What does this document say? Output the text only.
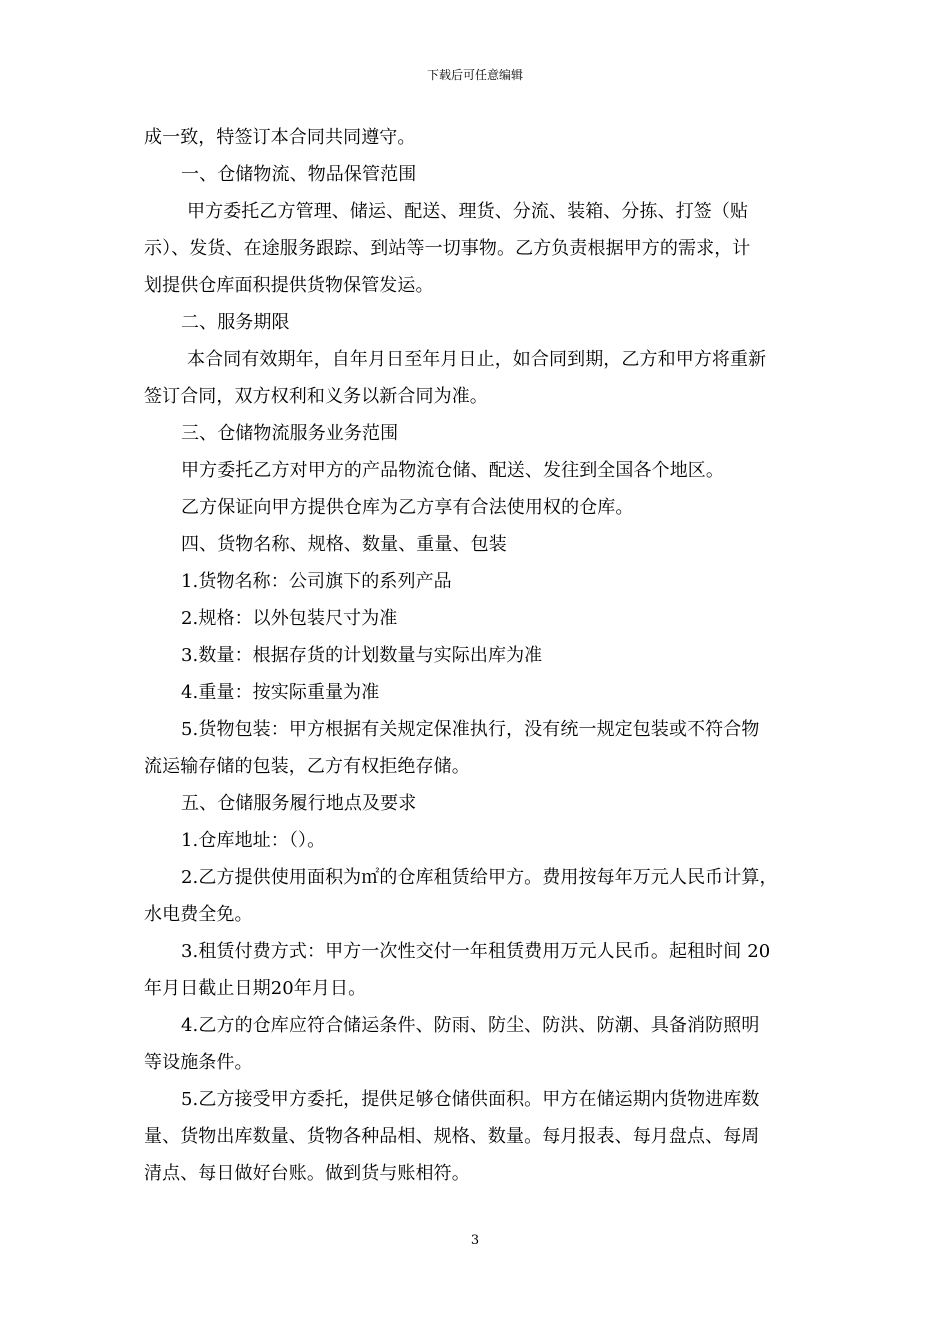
下载后可任意编辑

成一致，特签订本合同共同遵守。

一、仓储物流、物品保管范围

甲方委托乙方管理、储运、配送、理货、分流、装箱、分拣、打签（贴

示）、发货、在途服务跟踪、到站等一切事物。乙方负责根据甲方的需求，计

划提供仓库面积提供货物保管发运。

二、服务期限

本合同有效期年，自年月日至年月日止，如合同到期，乙方和甲方将重新

签订合同，双方权利和义务以新合同为准。

三、仓储物流服务业务范围

甲方委托乙方对甲方的产品物流仓储、配送、发往到全国各个地区。

乙方保证向甲方提供仓库为乙方享有合法使用权的仓库。

四、货物名称、规格、数量、重量、包装

1.货物名称：公司旗下的系列产品

2.规格：以外包装尺寸为准

3.数量：根据存货的计划数量与实际出库为准

4.重量：按实际重量为准

5.货物包装：甲方根据有关规定保准执行，没有统一规定包装或不符合物

流运输存储的包装，乙方有权拒绝存储。

五、仓储服务履行地点及要求

1.仓库地址：（）。

2.乙方提供使用面积为㎡的仓库租赁给甲方。费用按每年万元人民币计算，

水电费全免。

3.租赁付费方式：甲方一次性交付一年租赁费用万元人民币。起租时间 20

年月日截止日期20年月日。

4.乙方的仓库应符合储运条件、防雨、防尘、防洪、防潮、具备消防照明

等设施条件。

5.乙方接受甲方委托，提供足够仓储供面积。甲方在储运期内货物进库数

量、货物出库数量、货物各种品相、规格、数量。每月报表、每月盘点、每周

清点、每日做好台账。做到货与账相符。

3
